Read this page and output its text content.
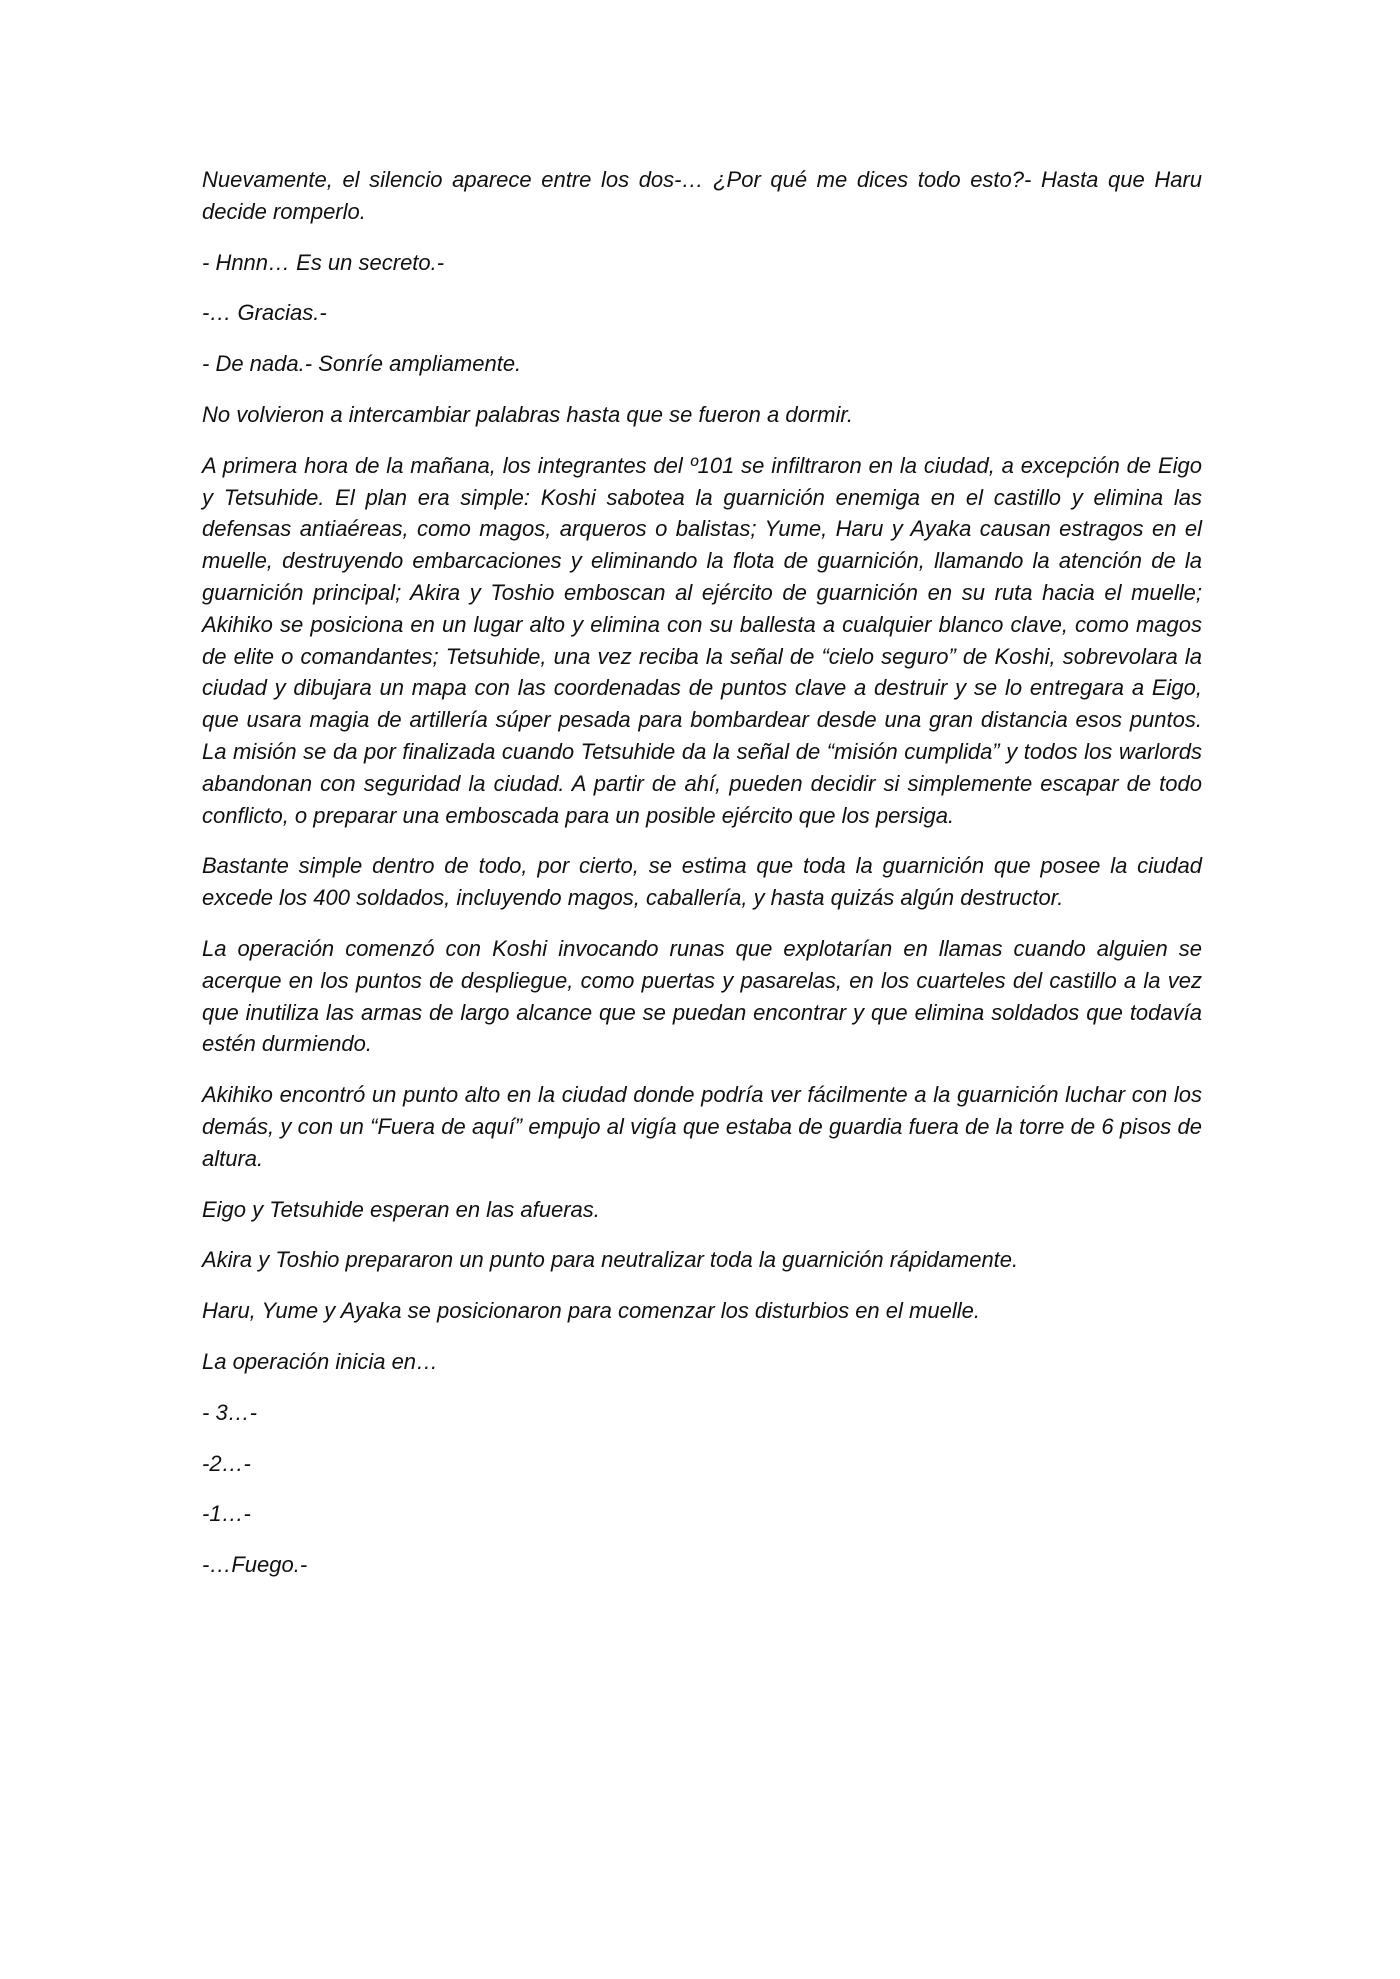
Nuevamente, el silencio aparece entre los dos-… ¿Por qué me dices todo esto?- Hasta que Haru decide romperlo.

- Hnnn… Es un secreto.-

-… Gracias.-

- De nada.- Sonríe ampliamente.

No volvieron a intercambiar palabras hasta que se fueron a dormir.

A primera hora de la mañana, los integrantes del º101 se infiltraron en la ciudad, a excepción de Eigo y Tetsuhide. El plan era simple: Koshi sabotea la guarnición enemiga en el castillo y elimina las defensas antiaéreas, como magos, arqueros o balistas; Yume, Haru y Ayaka causan estragos en el muelle, destruyendo embarcaciones y eliminando la flota de guarnición, llamando la atención de la guarnición principal; Akira y Toshio emboscan al ejército de guarnición en su ruta hacia el muelle; Akihiko se posiciona en un lugar alto y elimina con su ballesta a cualquier blanco clave, como magos de elite o comandantes; Tetsuhide, una vez reciba la señal de “cielo seguro” de Koshi, sobrevolara la ciudad y dibujara un mapa con las coordenadas de puntos clave a destruir y se lo entregara a Eigo, que usara magia de artillería súper pesada para bombardear desde una gran distancia esos puntos. La misión se da por finalizada cuando Tetsuhide da la señal de “misión cumplida” y todos los warlords abandonan con seguridad la ciudad. A partir de ahí, pueden decidir si simplemente escapar de todo conflicto, o preparar una emboscada para un posible ejército que los persiga.

Bastante simple dentro de todo, por cierto, se estima que toda la guarnición que posee la ciudad excede los 400 soldados, incluyendo magos, caballería, y hasta quizás algún destructor.

La operación comenzó con Koshi invocando runas que explotarían en llamas cuando alguien se acerque en los puntos de despliegue, como puertas y pasarelas, en los cuarteles del castillo a la vez que inutiliza las armas de largo alcance que se puedan encontrar y que elimina soldados que todavía estén durmiendo.

Akihiko encontró un punto alto en la ciudad donde podría ver fácilmente a la guarnición luchar con los demás, y con un “Fuera de aquí” empujo al vigía que estaba de guardia fuera de la torre de 6 pisos de altura.

Eigo y Tetsuhide esperan en las afueras.

Akira y Toshio prepararon un punto para neutralizar toda la guarnición rápidamente.

Haru, Yume y Ayaka se posicionaron para comenzar los disturbios en el muelle.

La operación inicia en…

- 3…-

-2…-

-1…-

-…Fuego.-
